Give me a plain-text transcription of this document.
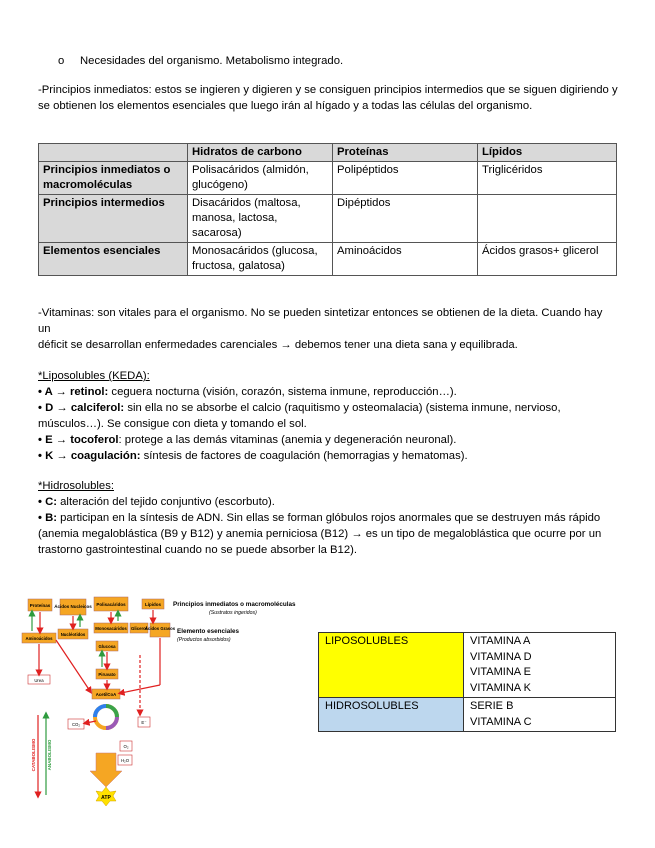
o Necesidades del organismo. Metabolismo integrado.
-Principios inmediatos: estos se ingieren y digieren y se consiguen principios intermedios que se siguen digiriendo y se obtienen los elementos esenciales que luego irán al hígado y a todas las células del organismo.
	Hidratos de carbono	Proteínas	Lípidos
Principios inmediatos o macromoléculas	Polisacáridos (almidón, glucógeno)	Polipéptidos	Triglicéridos
Principios intermedios	Disacáridos (maltosa, manosa, lactosa, sacarosa)	Dipéptidos	
Elementos esenciales	Monosacáridos (glucosa, fructosa, galatosa)	Aminoácidos	Ácidos grasos+ glicerol
-Vitaminas: son vitales para el organismo. No se pueden sintetizar entonces se obtienen de la dieta. Cuando hay un
déficit se desarrollan enfermedades carenciales → debemos tener una dieta sana y equilibrada.
*Liposolubles (KEDA):
• A → retinol: ceguera nocturna (visión, corazón, sistema inmune, reproducción…).
• D → calciferol: sin ella no se absorbe el calcio (raquitismo y osteomalacia) (sistema inmune, nervioso, músculos…). Se consigue con dieta y tomando el sol.
• E → tocoferol: protege a las demás vitaminas (anemia y degeneración neuronal).
• K → coagulación: síntesis de factores de coagulación (hemorragias y hematomas).
*Hidrosolubles:
• C: alteración del tejido conjuntivo (escorbuto).
• B: participan en la síntesis de ADN. Sin ellas se forman glóbulos rojos anormales que se destruyen más rápido
(anemia megaloblástica (B9 y B12) y anemia perniciosa (B12) → es un tipo de megaloblástica que ocurre por un trastorno gastrointestinal cuando no se puede absorber la B12).
Proteínas Ácidos Nucleicos Polisacáridos	Lípidos Principios inmediatos o macromoléculas
(Sustratos ingeridos)
Elemento esenciales
(Productos absorbidos)
Aminoácidos
Nucléotidos
Monosacáridos Glicerol
Ácidos Grasos
Glucosa
Piruvato
AcetilCoA
Urea
CO₂
O₂
H₂O
E⁻
CATABOLISMO ANABOLISMO
ATP
LIPOSOLUBLES	VITAMINA A
VITAMINA D
VITAMINA E
VITAMINA K

HIDROSOLUBLES	SERIE B
VITAMINA C
